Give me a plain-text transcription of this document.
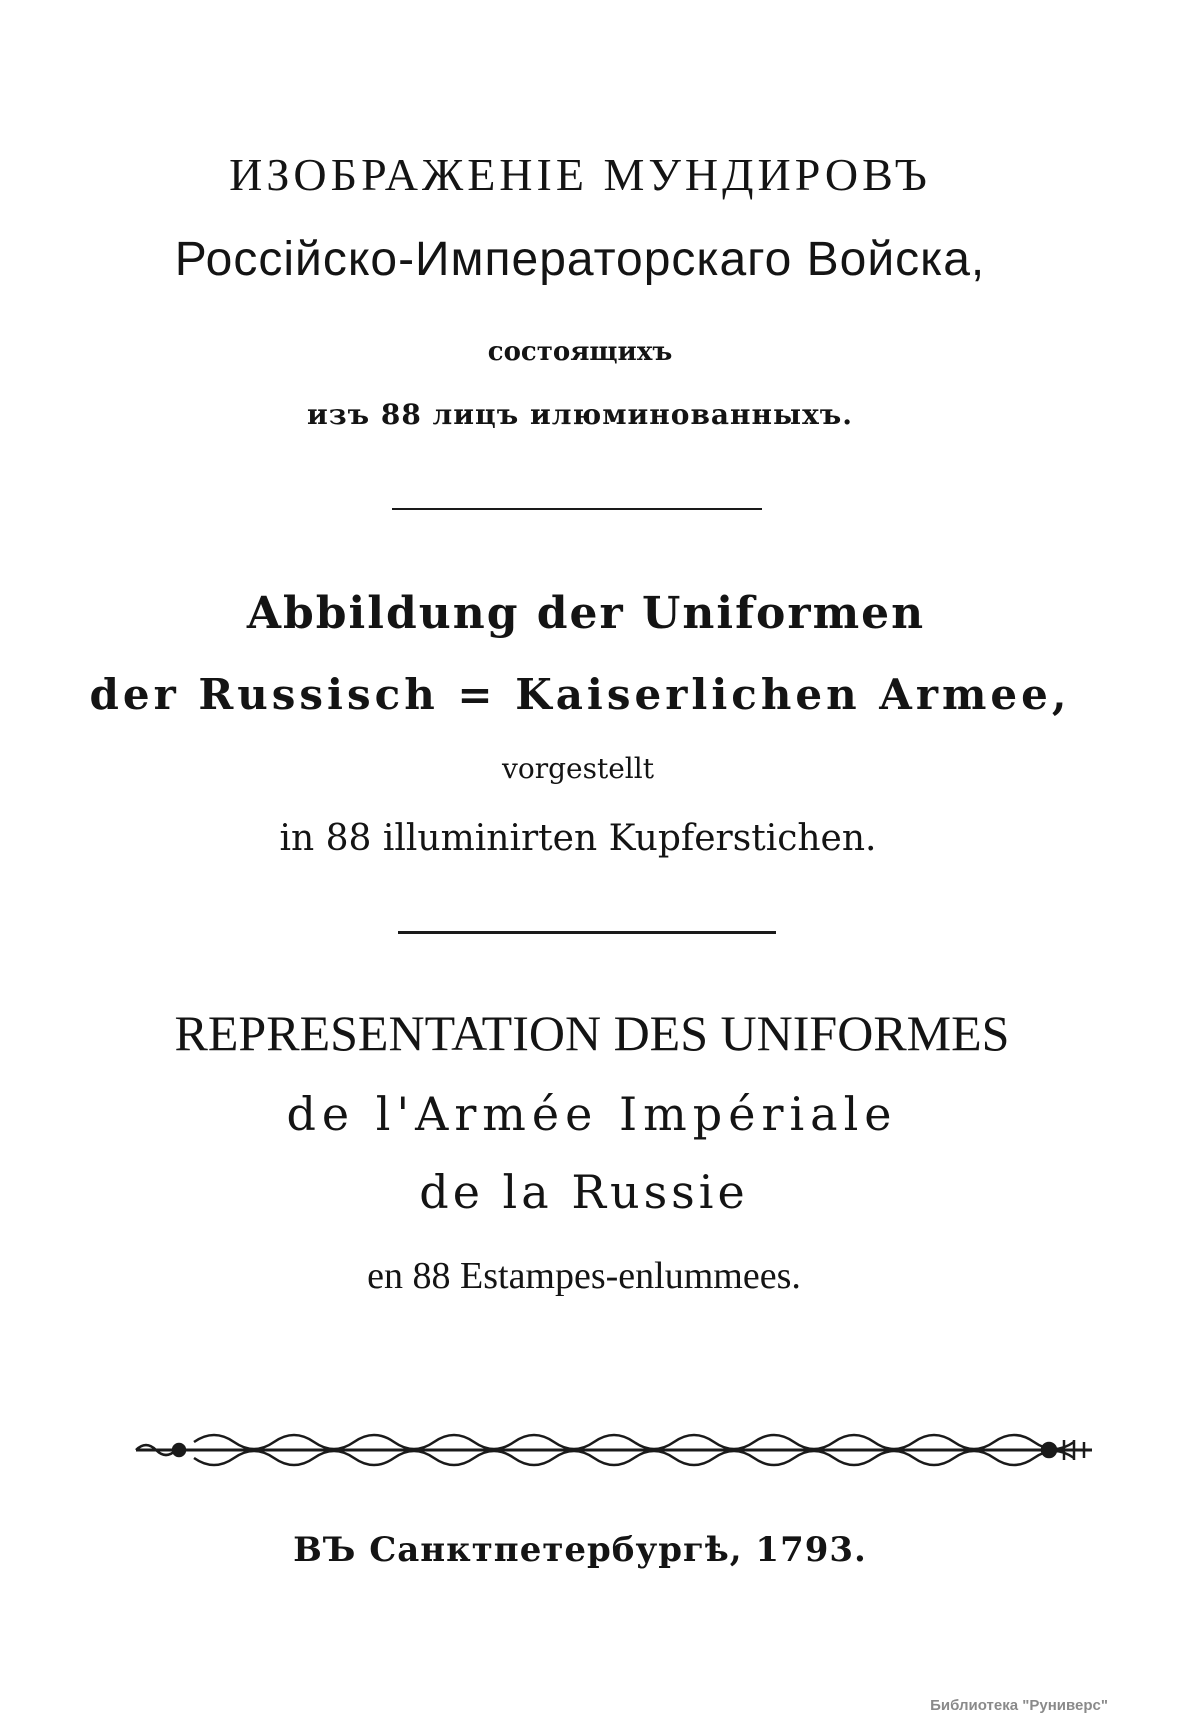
ИЗОБРАЖЕНІЕ МУНДИРОВЪ
Россійско-Императорскаго Войска,
состоящихъ
изъ 88 лицъ илюминованныхъ.
Abbildung der Uniformen
der Russisch = Kaiserlichen Armee,
vorgestellt
in 88 illuminirten Kupferstichen.
REPRESENTATION DES UNIFORMES
de l'Armée Impériale
de la Russie
en 88 Estampes-enlummees.
ВЪ Санктпетербургѣ, 1793.
Библиотека "Руниверс"
